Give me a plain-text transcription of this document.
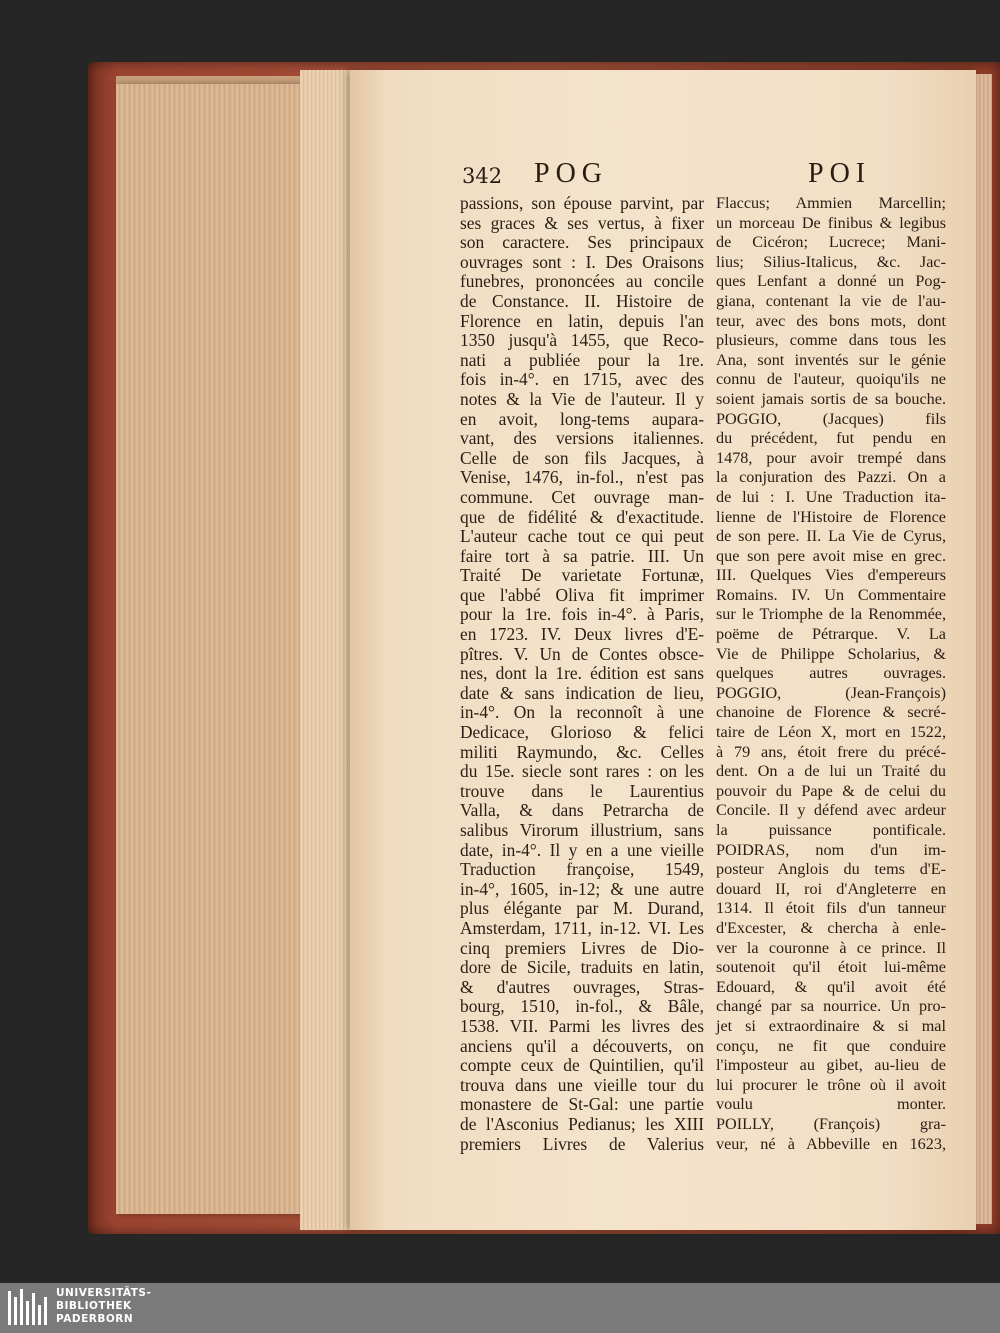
342 POG	POI
passions, son épouse parvint, par
ses graces & ses vertus, à fixer
son caractere. Ses principaux
ouvrages sont : I. Des Oraisons
funebres, prononcées au concile
de Constance. II. Histoire de
Florence en latin, depuis l'an
1350 jusqu'à 1455, que Reco-
nati a publiée pour la 1re.
fois in-4°. en 1715, avec des
notes & la Vie de l'auteur. Il y
en avoit, long-tems aupara-
vant, des versions italiennes.
Celle de son fils Jacques, à
Venise, 1476, in-fol., n'est pas
commune. Cet ouvrage man-
que de fidélité & d'exactitude.
L'auteur cache tout ce qui peut
faire tort à sa patrie. III. Un
Traité De varietate Fortunæ,
que l'abbé Oliva fit imprimer
pour la 1re. fois in-4°. à Paris,
en 1723. IV. Deux livres d'E-
pîtres. V. Un de Contes obsce-
nes, dont la 1re. édition est sans
date & sans indication de lieu,
in-4°. On la reconnoît à une
Dedicace, Glorioso & felici
militi Raymundo, &c. Celles
du 15e. siecle sont rares : on les
trouve dans le Laurentius
Valla, & dans Petrarcha de
salibus Virorum illustrium, sans
date, in-4°. Il y en a une vieille
Traduction françoise, 1549,
in-4°, 1605, in-12; & une autre
plus élégante par M. Durand,
Amsterdam, 1711, in-12. VI. Les
cinq premiers Livres de Dio-
dore de Sicile, traduits en latin,
& d'autres ouvrages, Stras-
bourg, 1510, in-fol., & Bâle,
1538. VII. Parmi les livres des
anciens qu'il a découverts, on
compte ceux de Quintilien, qu'il
trouva dans une vieille tour du
monastere de St-Gal: une partie
de l'Asconius Pedianus; les XIII
premiers Livres de Valerius
Flaccus; Ammien Marcellin;
un morceau De finibus & legibus
de Cicéron; Lucrece; Mani-
lius; Silius-Italicus, &c. Jac-
ques Lenfant a donné un Pog-
giana, contenant la vie de l'au-
teur, avec des bons mots, dont
plusieurs, comme dans tous les
Ana, sont inventés sur le génie
connu de l'auteur, quoiqu'ils ne
soient jamais sortis de sa bouche.
POGGIO, (Jacques) fils
du précédent, fut pendu en
1478, pour avoir trempé dans
la conjuration des Pazzi. On a
de lui : I. Une Traduction ita-
lienne de l'Histoire de Florence
de son pere. II. La Vie de Cyrus,
que son pere avoit mise en grec.
III. Quelques Vies d'empereurs
Romains. IV. Un Commentaire
sur le Triomphe de la Renommée,
poëme de Pétrarque. V. La
Vie de Philippe Scholarius, &
quelques autres ouvrages.
POGGIO, (Jean-François)
chanoine de Florence & secré-
taire de Léon X, mort en 1522,
à 79 ans, étoit frere du précé-
dent. On a de lui un Traité du
pouvoir du Pape & de celui du
Concile. Il y défend avec ardeur
la puissance pontificale.
POIDRAS, nom d'un im-
posteur Anglois du tems d'E-
douard II, roi d'Angleterre en
1314. Il étoit fils d'un tanneur
d'Excester, & chercha à enle-
ver la couronne à ce prince. Il
soutenoit qu'il étoit lui-même
Edouard, & qu'il avoit été
changé par sa nourrice. Un pro-
jet si extraordinaire & si mal
conçu, ne fit que conduire
l'imposteur au gibet, au-lieu de
lui procurer le trône où il avoit
voulu monter.
POILLY, (François) gra-
veur, né à Abbeville en 1623,
UNIVERSITÄTS-
BIBLIOTHEK
PADERBORN
